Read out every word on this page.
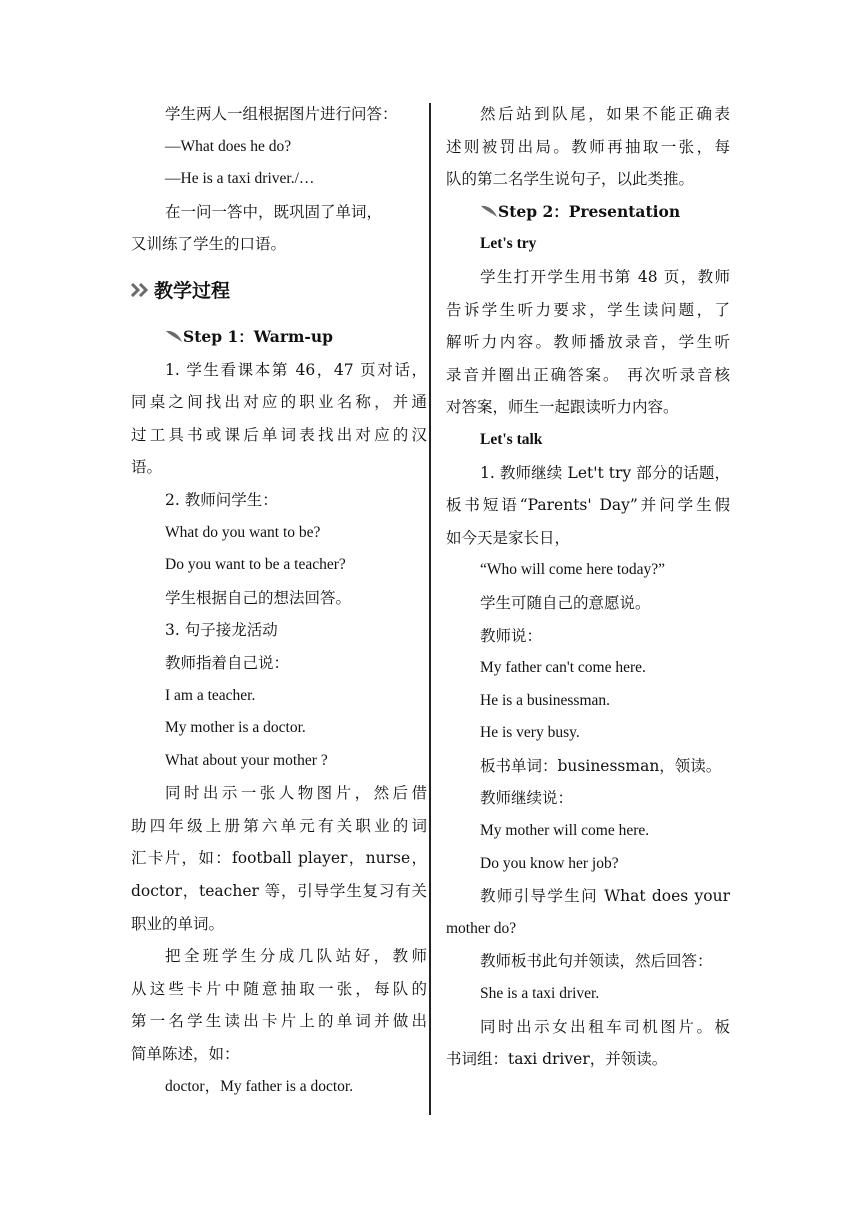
学生两人一组根据图片进行问答：
—What does he do?
—He is a taxi driver./…
在一问一答中，既巩固了单词，
又训练了学生的口语。
教学过程
Step 1：Warm-up
1. 学生看课本第 46，47 页对话，
同桌之间找出对应的职业名称，并通
过工具书或课后单词表找出对应的汉
语。
2. 教师问学生：
What do you want to be?
Do you want to be a teacher?
学生根据自己的想法回答。
3. 句子接龙活动
教师指着自己说：
I am a teacher.
My mother is a doctor.
What about your mother ?
同时出示一张人物图片，然后借
助四年级上册第六单元有关职业的词
汇卡片，如：football player，nurse，
doctor，teacher 等，引导学生复习有关
职业的单词。
把全班学生分成几队站好，教师
从这些卡片中随意抽取一张，每队的
第一名学生读出卡片上的单词并做出
简单陈述，如：
doctor，My father is a doctor.
然后站到队尾，如果不能正确表
述则被罚出局。教师再抽取一张，每
队的第二名学生说句子，以此类推。
Step 2：Presentation
Let's try
学生打开学生用书第 48 页，教师
告诉学生听力要求，学生读问题，了
解听力内容。教师播放录音，学生听
录音并圈出正确答案。 再次听录音核
对答案，师生一起跟读听力内容。
Let's talk
1. 教师继续 Let't try 部分的话题，
板书短语“Parents' Day”并问学生假
如今天是家长日，
“Who will come here today?”
学生可随自己的意愿说。
教师说：
My father can't come here.
He is a businessman.
He is very busy.
板书单词：businessman，领读。
教师继续说：
My mother will come here.
Do you know her job?
教师引导学生问 What does your
mother do?
教师板书此句并领读，然后回答：
She is a taxi driver.
同时出示女出租车司机图片。板
书词组：taxi driver，并领读。
